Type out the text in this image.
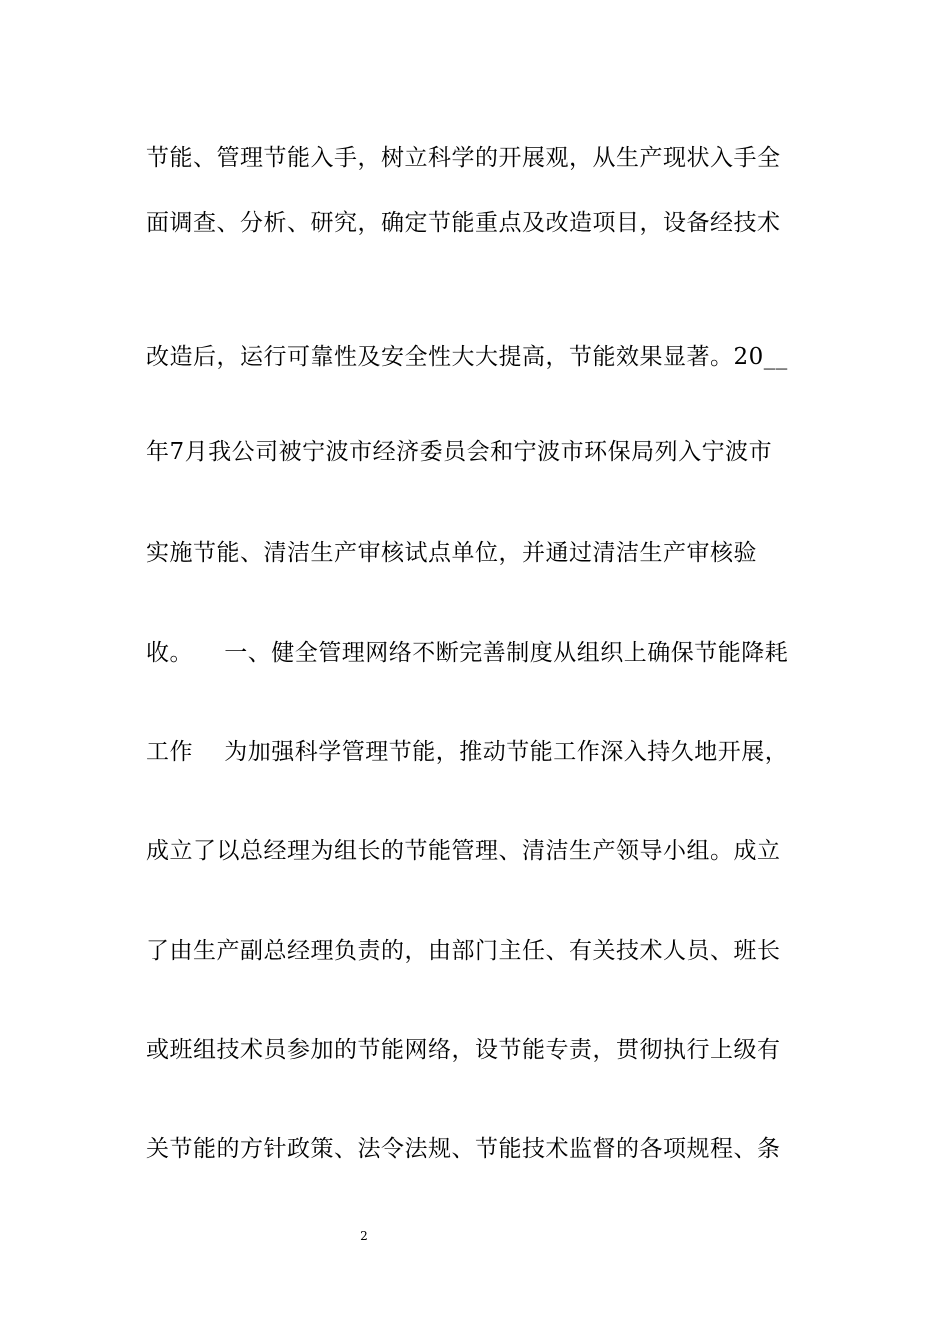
节能、管理节能入手，树立科学的开展观，从生产现状入手全
面调查、分析、研究，确定节能重点及改造项目，设备经技术
改造后，运行可靠性及安全性大大提高，节能效果显著。20__
年7月我公司被宁波市经济委员会和宁波市环保局列入宁波市
实施节能、清洁生产审核试点单位，并通过清洁生产审核验
收。    一、健全管理网络不断完善制度从组织上确保节能降耗
工作    为加强科学管理节能，推动节能工作深入持久地开展，
成立了以总经理为组长的节能管理、清洁生产领导小组。成立
了由生产副总经理负责的，由部门主任、有关技术人员、班长
或班组技术员参加的节能网络，设节能专责，贯彻执行上级有
关节能的方针政策、法令法规、节能技术监督的各项规程、条
2
